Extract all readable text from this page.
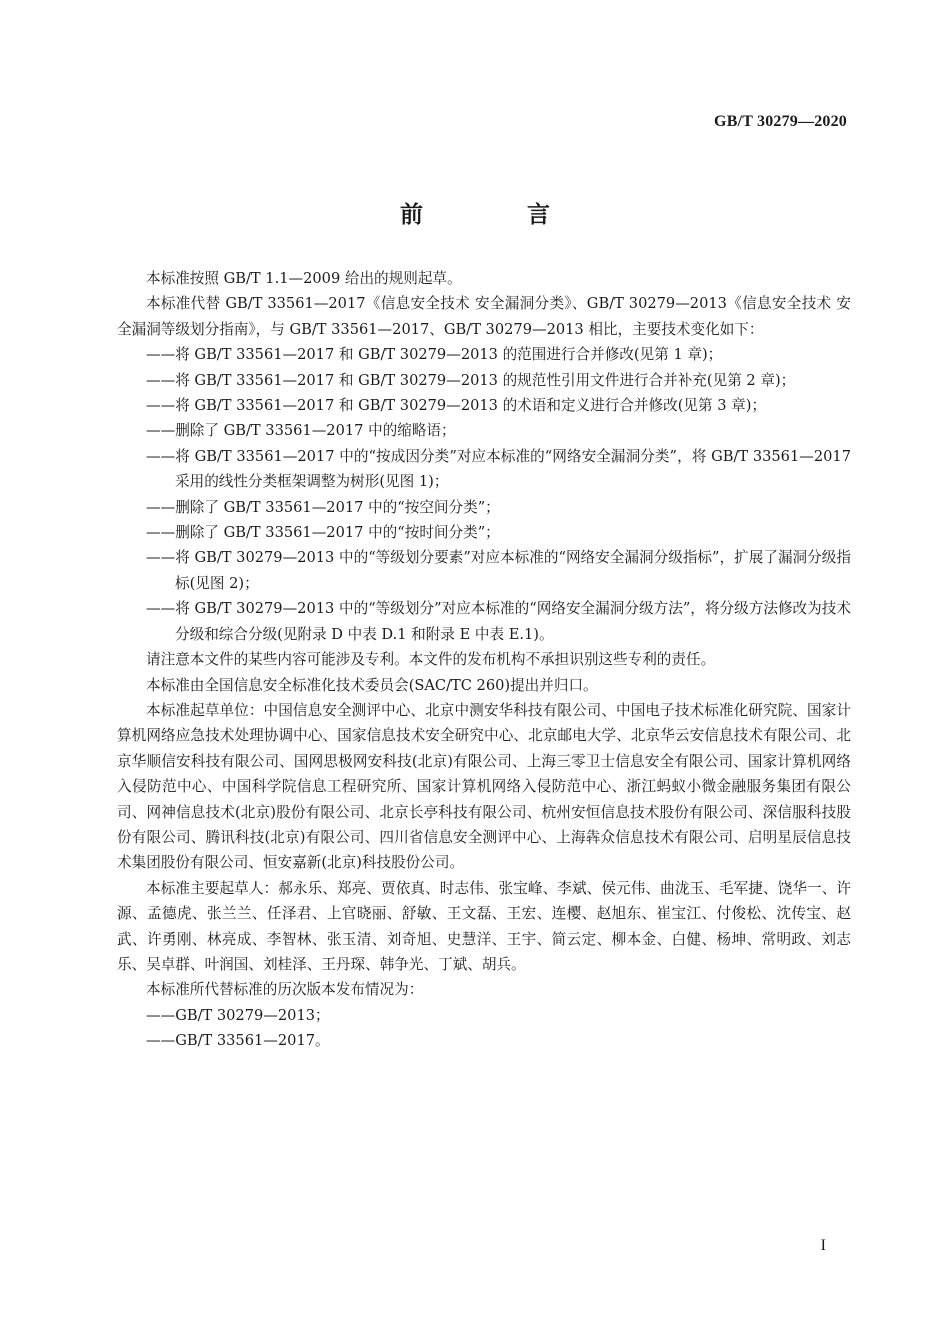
GB/T 30279—2020
前 言

本标准按照 GB/T 1.1—2009 给出的规则起草。

本标准代替 GB/T 33561—2017《信息安全技术 安全漏洞分类》、GB/T 30279—2013《信息安全技术 安全漏洞等级划分指南》，与 GB/T 33561—2017、GB/T 30279—2013 相比，主要技术变化如下：

——将 GB/T 33561—2017 和 GB/T 30279—2013 的范围进行合并修改(见第 1 章)；

——将 GB/T 33561—2017 和 GB/T 30279—2013 的规范性引用文件进行合并补充(见第 2 章)；

——将 GB/T 33561—2017 和 GB/T 30279—2013 的术语和定义进行合并修改(见第 3 章)；

——删除了 GB/T 33561—2017 中的缩略语；

——将 GB/T 33561—2017 中的“按成因分类”对应本标准的“网络安全漏洞分类”，将 GB/T 33561—2017 采用的线性分类框架调整为树形(见图 1)；

——删除了 GB/T 33561—2017 中的“按空间分类”；

——删除了 GB/T 33561—2017 中的“按时间分类”；

——将 GB/T 30279—2013 中的“等级划分要素”对应本标准的“网络安全漏洞分级指标”，扩展了漏洞分级指标(见图 2)；

——将 GB/T 30279—2013 中的“等级划分”对应本标准的“网络安全漏洞分级方法”，将分级方法修改为技术分级和综合分级(见附录 D 中表 D.1 和附录 E 中表 E.1)。

请注意本文件的某些内容可能涉及专利。本文件的发布机构不承担识别这些专利的责任。

本标准由全国信息安全标准化技术委员会(SAC/TC 260)提出并归口。

本标准起草单位：中国信息安全测评中心、北京中测安华科技有限公司、中国电子技术标准化研究院、国家计算机网络应急技术处理协调中心、国家信息技术安全研究中心、北京邮电大学、北京华云安信息技术有限公司、北京华顺信安科技有限公司、国网思极网安科技(北京)有限公司、上海三零卫士信息安全有限公司、国家计算机网络入侵防范中心、中国科学院信息工程研究所、国家计算机网络入侵防范中心、浙江蚂蚁小微金融服务集团有限公司、网神信息技术(北京)股份有限公司、北京长亭科技有限公司、杭州安恒信息技术股份有限公司、深信服科技股份有限公司、腾讯科技(北京)有限公司、四川省信息安全测评中心、上海犇众信息技术有限公司、启明星辰信息技术集团股份有限公司、恒安嘉新(北京)科技股份公司。

本标准主要起草人：郝永乐、郑亮、贾依真、时志伟、张宝峰、李斌、侯元伟、曲泷玉、毛军捷、饶华一、许源、孟德虎、张兰兰、任泽君、上官晓丽、舒敏、王文磊、王宏、连樱、赵旭东、崔宝江、付俊松、沈传宝、赵武、许勇刚、林亮成、李智林、张玉清、刘奇旭、史慧洋、王宇、简云定、柳本金、白健、杨坤、常明政、刘志乐、吴卓群、叶润国、刘桂泽、王丹琛、韩争光、丁斌、胡兵。

本标准所代替标准的历次版本发布情况为：

——GB/T 30279—2013；

——GB/T 33561—2017。

I
